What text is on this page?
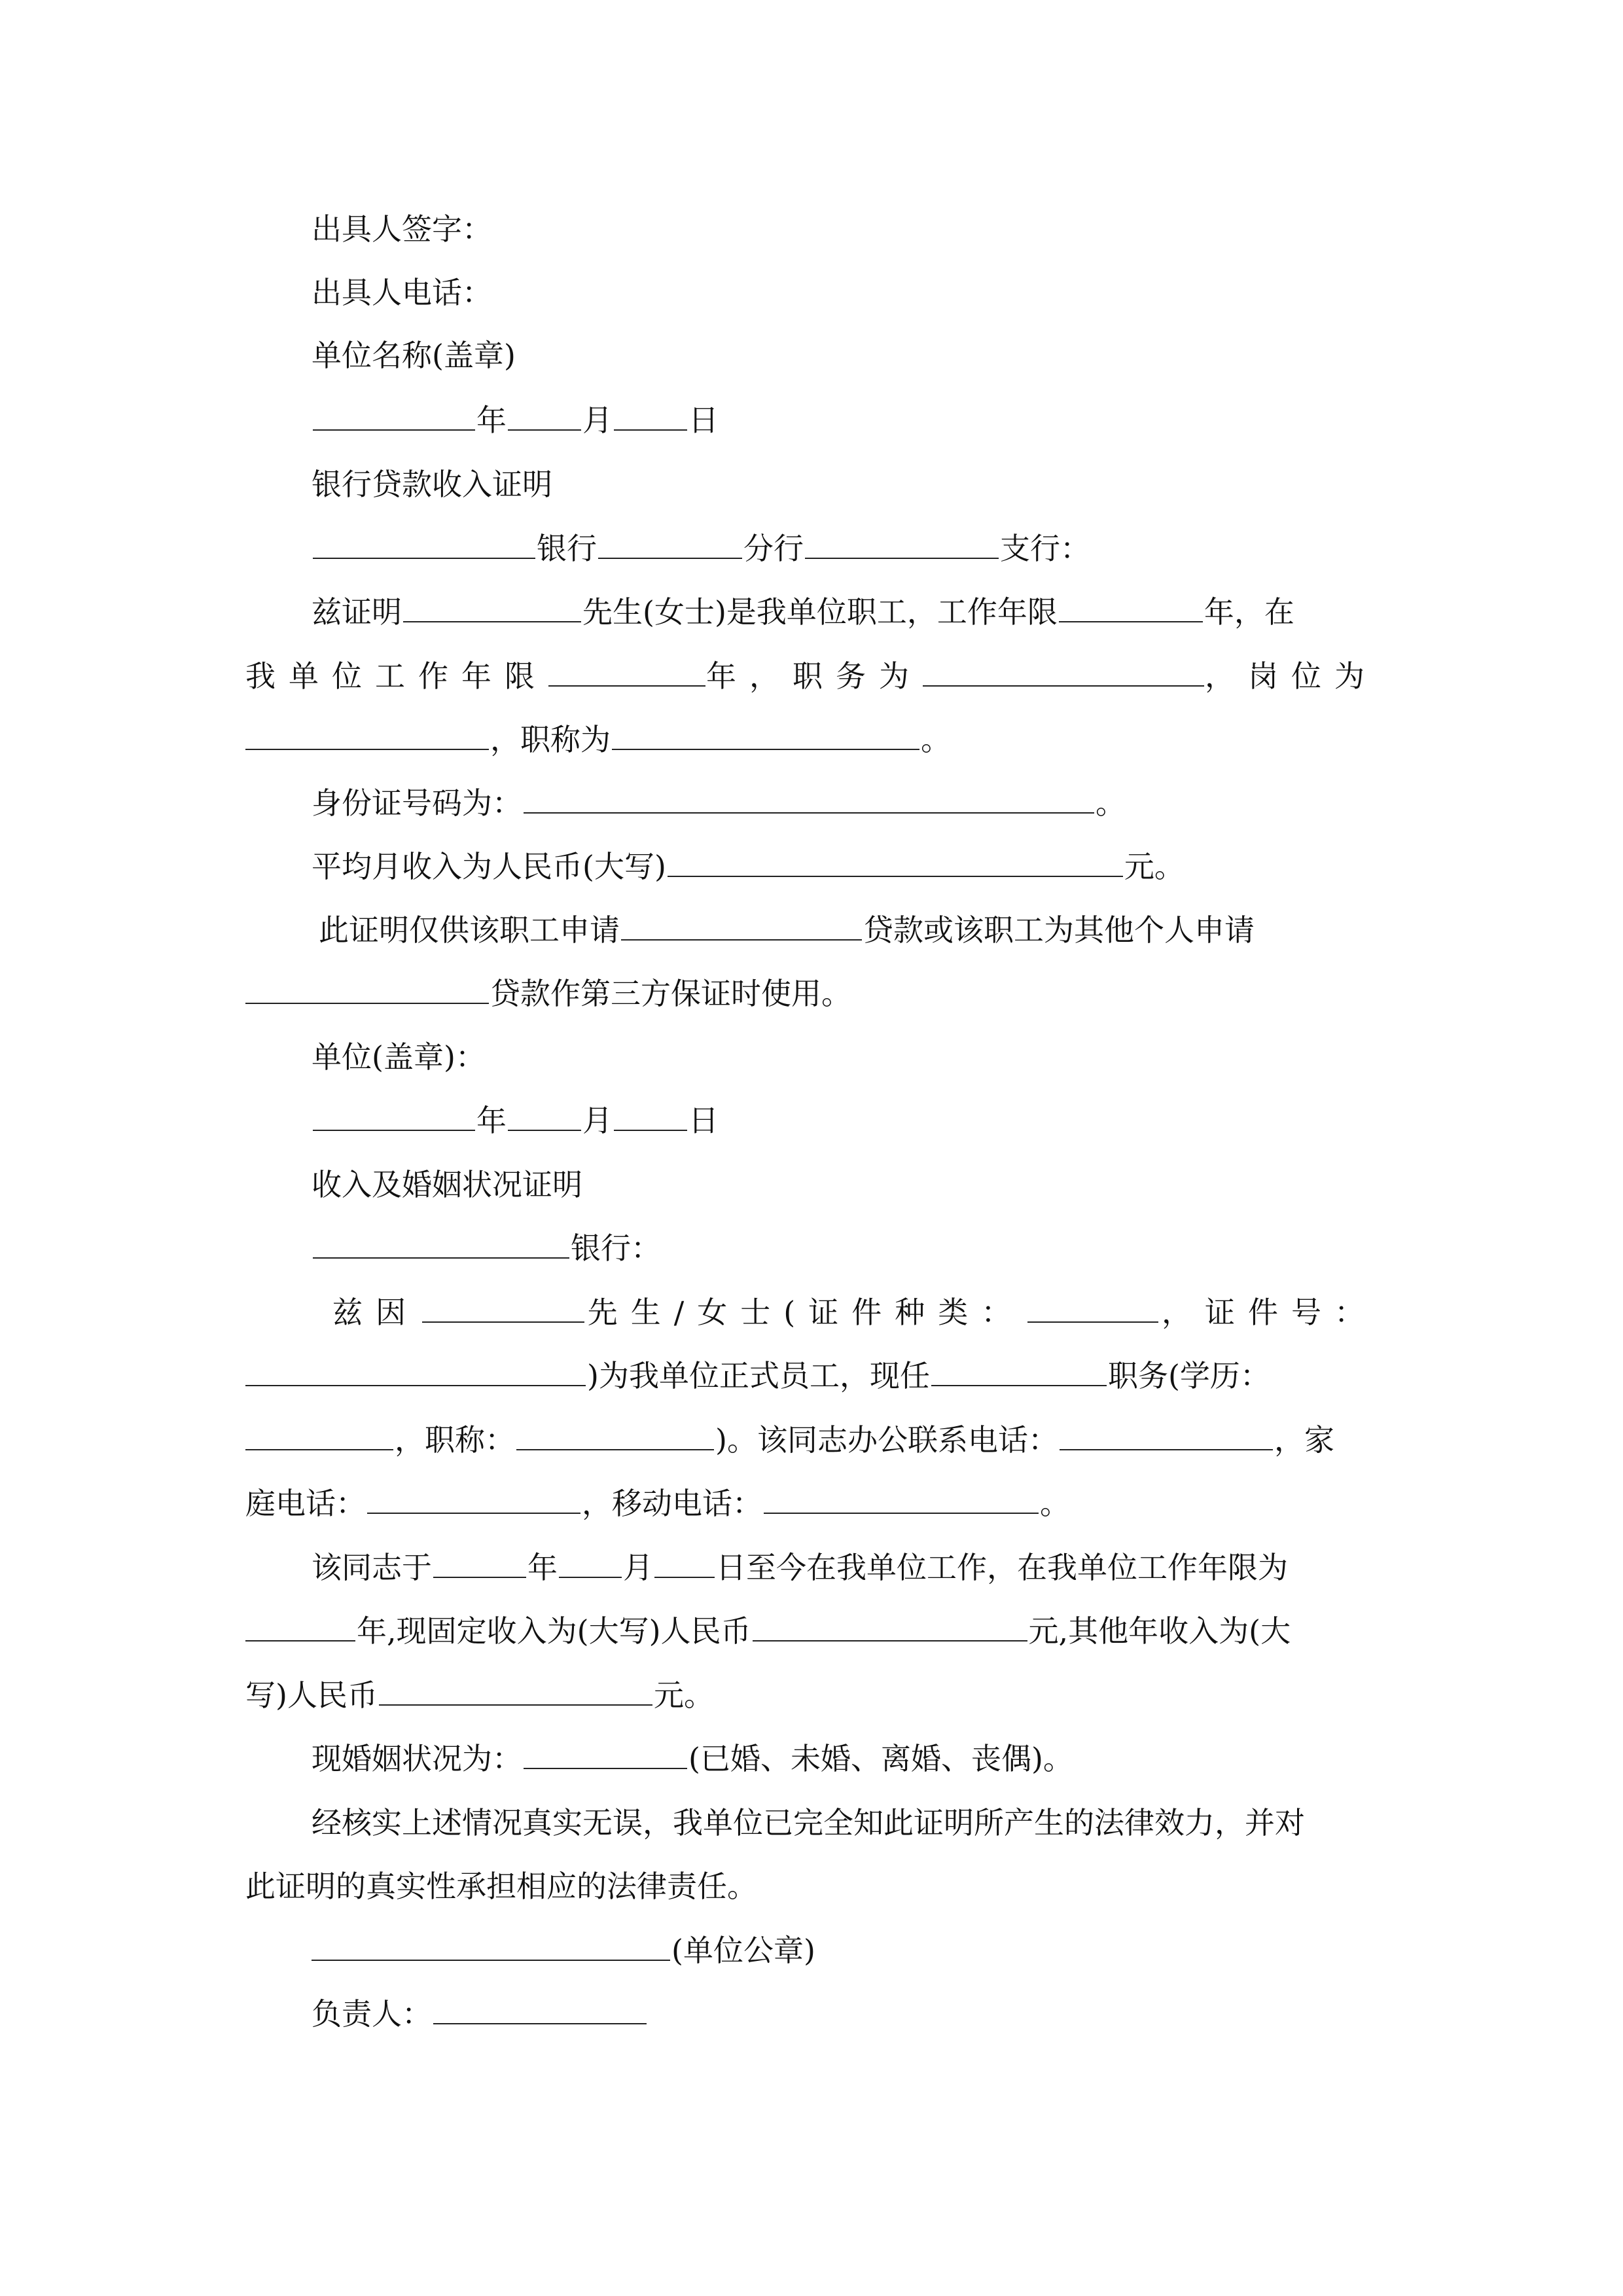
出具人签字：
出具人电话：
单位名称(盖章)
年	月	日
银行贷款收入证明
银行	分行	支行：
兹证明	先生(女士)是我单位职工，工作年限	年，在
我单位工作年限	年，职务为	，岗位为
，职称为	。
身份证号码为：	。
平均月收入为人民币(大写)	元。
此证明仅供该职工申请	贷款或该职工为其他个人申请
贷款作第三方保证时使用。
单位(盖章)：
年	月	日
收入及婚姻状况证明
银行：
兹因	先生/女士(证件种类：	，证件号：
)为我单位正式员工，现任	职务(学历：
，职称：	)。该同志办公联系电话：	，家
庭电话：	，移动电话：	。
该同志于	年 月 日至今在我单位工作，在我单位工作年限为
年,现固定收入为(大写)人民币	元,其他年收入为(大
写)人民币	元。
现婚姻状况为：	(已婚、未婚、离婚、丧偶)。
经核实上述情况真实无误，我单位已完全知此证明所产生的法律效力，并对
此证明的真实性承担相应的法律责任。
(单位公章)
负责人：
